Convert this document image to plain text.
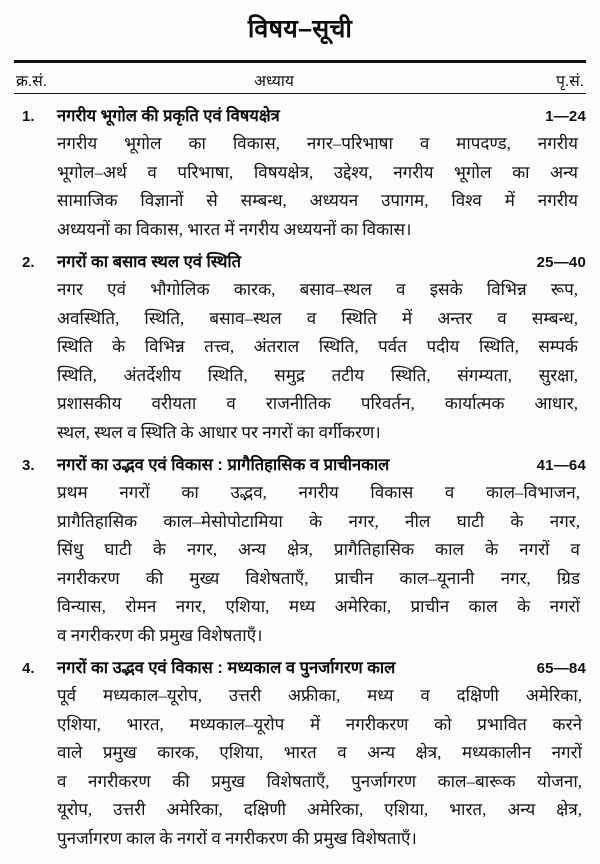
विषय–सूची
क्र.सं.	अध्याय	पृ.सं.
1. नगरीय भूगोल की प्रकृति एवं विषयक्षेत्र	1—24
नगरीय भूगोल का विकास, नगर–परिभाषा व मापदण्ड, नगरीय
भूगोल–अर्थ व परिभाषा, विषयक्षेत्र, उद्देश्य, नगरीय भूगोल का अन्य
सामाजिक विज्ञानों से सम्बन्ध, अध्ययन उपागम, विश्व में नगरीय
अध्ययनों का विकास, भारत में नगरीय अध्ययनों का विकास।
2. नगरों का बसाव स्थल एवं स्थिति	25—40
नगर एवं भौगोलिक कारक, बसाव–स्थल व इसके विभिन्न रूप,
अवस्थिति, स्थिति, बसाव–स्थल व स्थिति में अन्तर व सम्बन्ध,
स्थिति के विभिन्न तत्त्व, अंतराल स्थिति, पर्वत पदीय स्थिति, सम्पर्क
स्थिति, अंतर्देशीय स्थिति, समुद्र तटीय स्थिति, संगम्यता, सुरक्षा,
प्रशासकीय वरीयता व राजनीतिक परिवर्तन, कार्यात्मक आधार,
स्थल, स्थल व स्थिति के आधार पर नगरों का वर्गीकरण।
3. नगरों का उद्भव एवं विकास : प्रागैतिहासिक व प्राचीनकाल	41—64
प्रथम नगरों का उद्भव, नगरीय विकास व काल–विभाजन,
प्रागैतिहासिक काल–मेसोपोटामिया के नगर, नील घाटी के नगर,
सिंधु घाटी के नगर, अन्य क्षेत्र, प्रागैतिहासिक काल के नगरों व
नगरीकरण की मुख्य विशेषताएँ, प्राचीन काल–यूनानी नगर, ग्रिड
विन्यास, रोमन नगर, एशिया, मध्य अमेरिका, प्राचीन काल के नगरों
व नगरीकरण की प्रमुख विशेषताएँ।
4. नगरों का उद्भव एवं विकास : मध्यकाल व पुनर्जागरण काल	65—84
पूर्व मध्यकाल–यूरोप, उत्तरी अफ्रीका, मध्य व दक्षिणी अमेरिका,
एशिया, भारत, मध्यकाल–यूरोप में नगरीकरण को प्रभावित करने
वाले प्रमुख कारक, एशिया, भारत व अन्य क्षेत्र, मध्यकालीन नगरों
व नगरीकरण की प्रमुख विशेषताएँ, पुनर्जागरण काल–बारूक योजना,
यूरोप, उत्तरी अमेरिका, दक्षिणी अमेरिका, एशिया, भारत, अन्य क्षेत्र,
पुनर्जागरण काल के नगरों व नगरीकरण की प्रमुख विशेषताएँ।
